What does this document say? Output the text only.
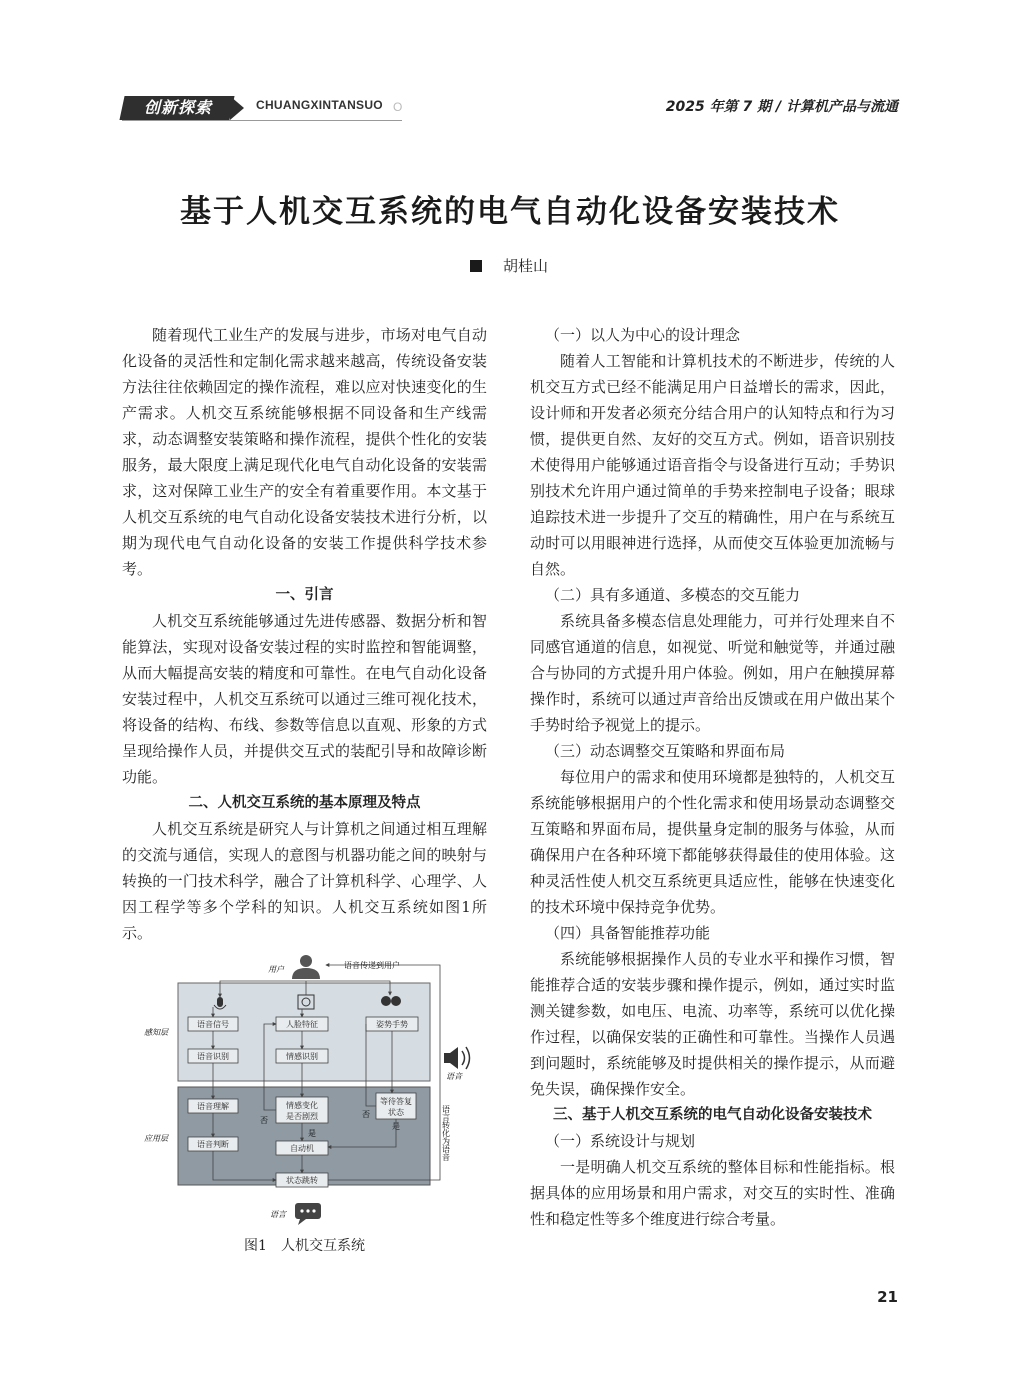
创新探索	CHUANGXINTANSUO O	2025 年第 7 期 / 计算机产品与流通
基于人机交互系统的电气自动化设备安装技术
胡桂山

随着现代工业生产的发展与进步，市场对电气自动化设备的灵活性和定制化需求越来越高，传统设备安装方法往往依赖固定的操作流程，难以应对快速变化的生产需求。人机交互系统能够根据不同设备和生产线需求，动态调整安装策略和操作流程，提供个性化的安装服务，最大限度上满足现代化电气自动化设备的安装需求，这对保障工业生产的安全有着重要作用。本文基于人机交互系统的电气自动化设备安装技术进行分析，以期为现代电气自动化设备的安装工作提供科学技术参考。

一、引言

人机交互系统能够通过先进传感器、数据分析和智能算法，实现对设备安装过程的实时监控和智能调整，从而大幅提高安装的精度和可靠性。在电气自动化设备安装过程中，人机交互系统可以通过三维可视化技术，将设备的结构、布线、参数等信息以直观、形象的方式呈现给操作人员，并提供交互式的装配引导和故障诊断功能。

二、人机交互系统的基本原理及特点

人机交互系统是研究人与计算机之间通过相互理解的交流与通信，实现人的意图与机器功能之间的映射与转换的一门技术科学，融合了计算机科学、心理学、人因工程学等多个学科的知识。人机交互系统如图1所示。

（一）以人为中心的设计理念

随着人工智能和计算机技术的不断进步，传统的人机交互方式已经不能满足用户日益增长的需求，因此，设计师和开发者必须充分结合用户的认知特点和行为习惯，提供更自然、友好的交互方式。例如，语音识别技术使得用户能够通过语音指令与设备进行互动；手势识别技术允许用户通过简单的手势来控制电子设备；眼球追踪技术进一步提升了交互的精确性，用户在与系统互动时可以用眼神进行选择，从而使交互体验更加流畅与自然。

（二）具有多通道、多模态的交互能力

系统具备多模态信息处理能力，可并行处理来自不同感官通道的信息，如视觉、听觉和触觉等，并通过融合与协同的方式提升用户体验。例如，用户在触摸屏幕操作时，系统可以通过声音给出反馈或在用户做出某个手势时给予视觉上的提示。

（三）动态调整交互策略和界面布局

每位用户的需求和使用环境都是独特的，人机交互系统能够根据用户的个性化需求和使用场景动态调整交互策略和界面布局，提供量身定制的服务与体验，从而确保用户在各种环境下都能够获得最佳的使用体验。这种灵活性使人机交互系统更具适应性，能够在快速变化的技术环境中保持竞争优势。

（四）具备智能推荐功能

系统能够根据操作人员的专业水平和操作习惯，智能推荐合适的安装步骤和操作提示，例如，通过实时监测关键参数，如电压、电流、功率等，系统可以优化操作过程，以确保安装的正确性和可靠性。当操作人员遇到问题时，系统能够及时提供相关的操作提示，从而避免失误，确保操作安全。

三、基于人机交互系统的电气自动化设备安装技术

（一）系统设计与规划

一是明确人机交互系统的整体目标和性能指标。根据具体的应用场景和用户需求，对交互的实时性、准确性和稳定性等多个维度进行综合考量。

用户	语音传递到用户
感知层
应用层
语音信号
语音识别
人脸特征
情感识别
姿势手势
语音理解
语音判断
情感变化
是否剧烈
等待答复
状态
自动机
状态跳转
否
是
否
是
语音
语言
语言转化为语音
图1　人机交互系统
21
